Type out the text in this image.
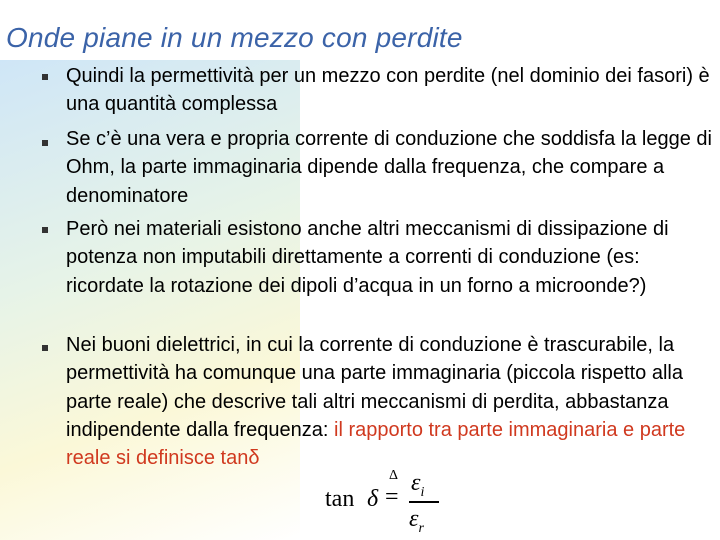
Onde piane in un mezzo con perdite
Quindi la permettività per un mezzo con perdite (nel dominio dei fasori) è una quantità complessa
Se c’è una vera e propria corrente di conduzione che soddisfa la legge di Ohm, la parte immaginaria dipende dalla frequenza, che compare a denominatore
Però nei materiali esistono anche altri meccanismi di dissipazione di potenza non imputabili direttamente a correnti di conduzione (es: ricordate la rotazione dei dipoli d’acqua in un forno a microonde?)
Nei buoni dielettrici, in cui la corrente di conduzione è trascurabile, la permettività ha comunque una parte immaginaria (piccola rispetto alla parte reale) che descrive tali altri meccanismi di perdita, abbastanza indipendente dalla frequenza: il rapporto tra parte immaginaria e parte reale si definisce tanδ
tan δ
Δ
=
$\varepsilon_i$
$\varepsilon_r$
